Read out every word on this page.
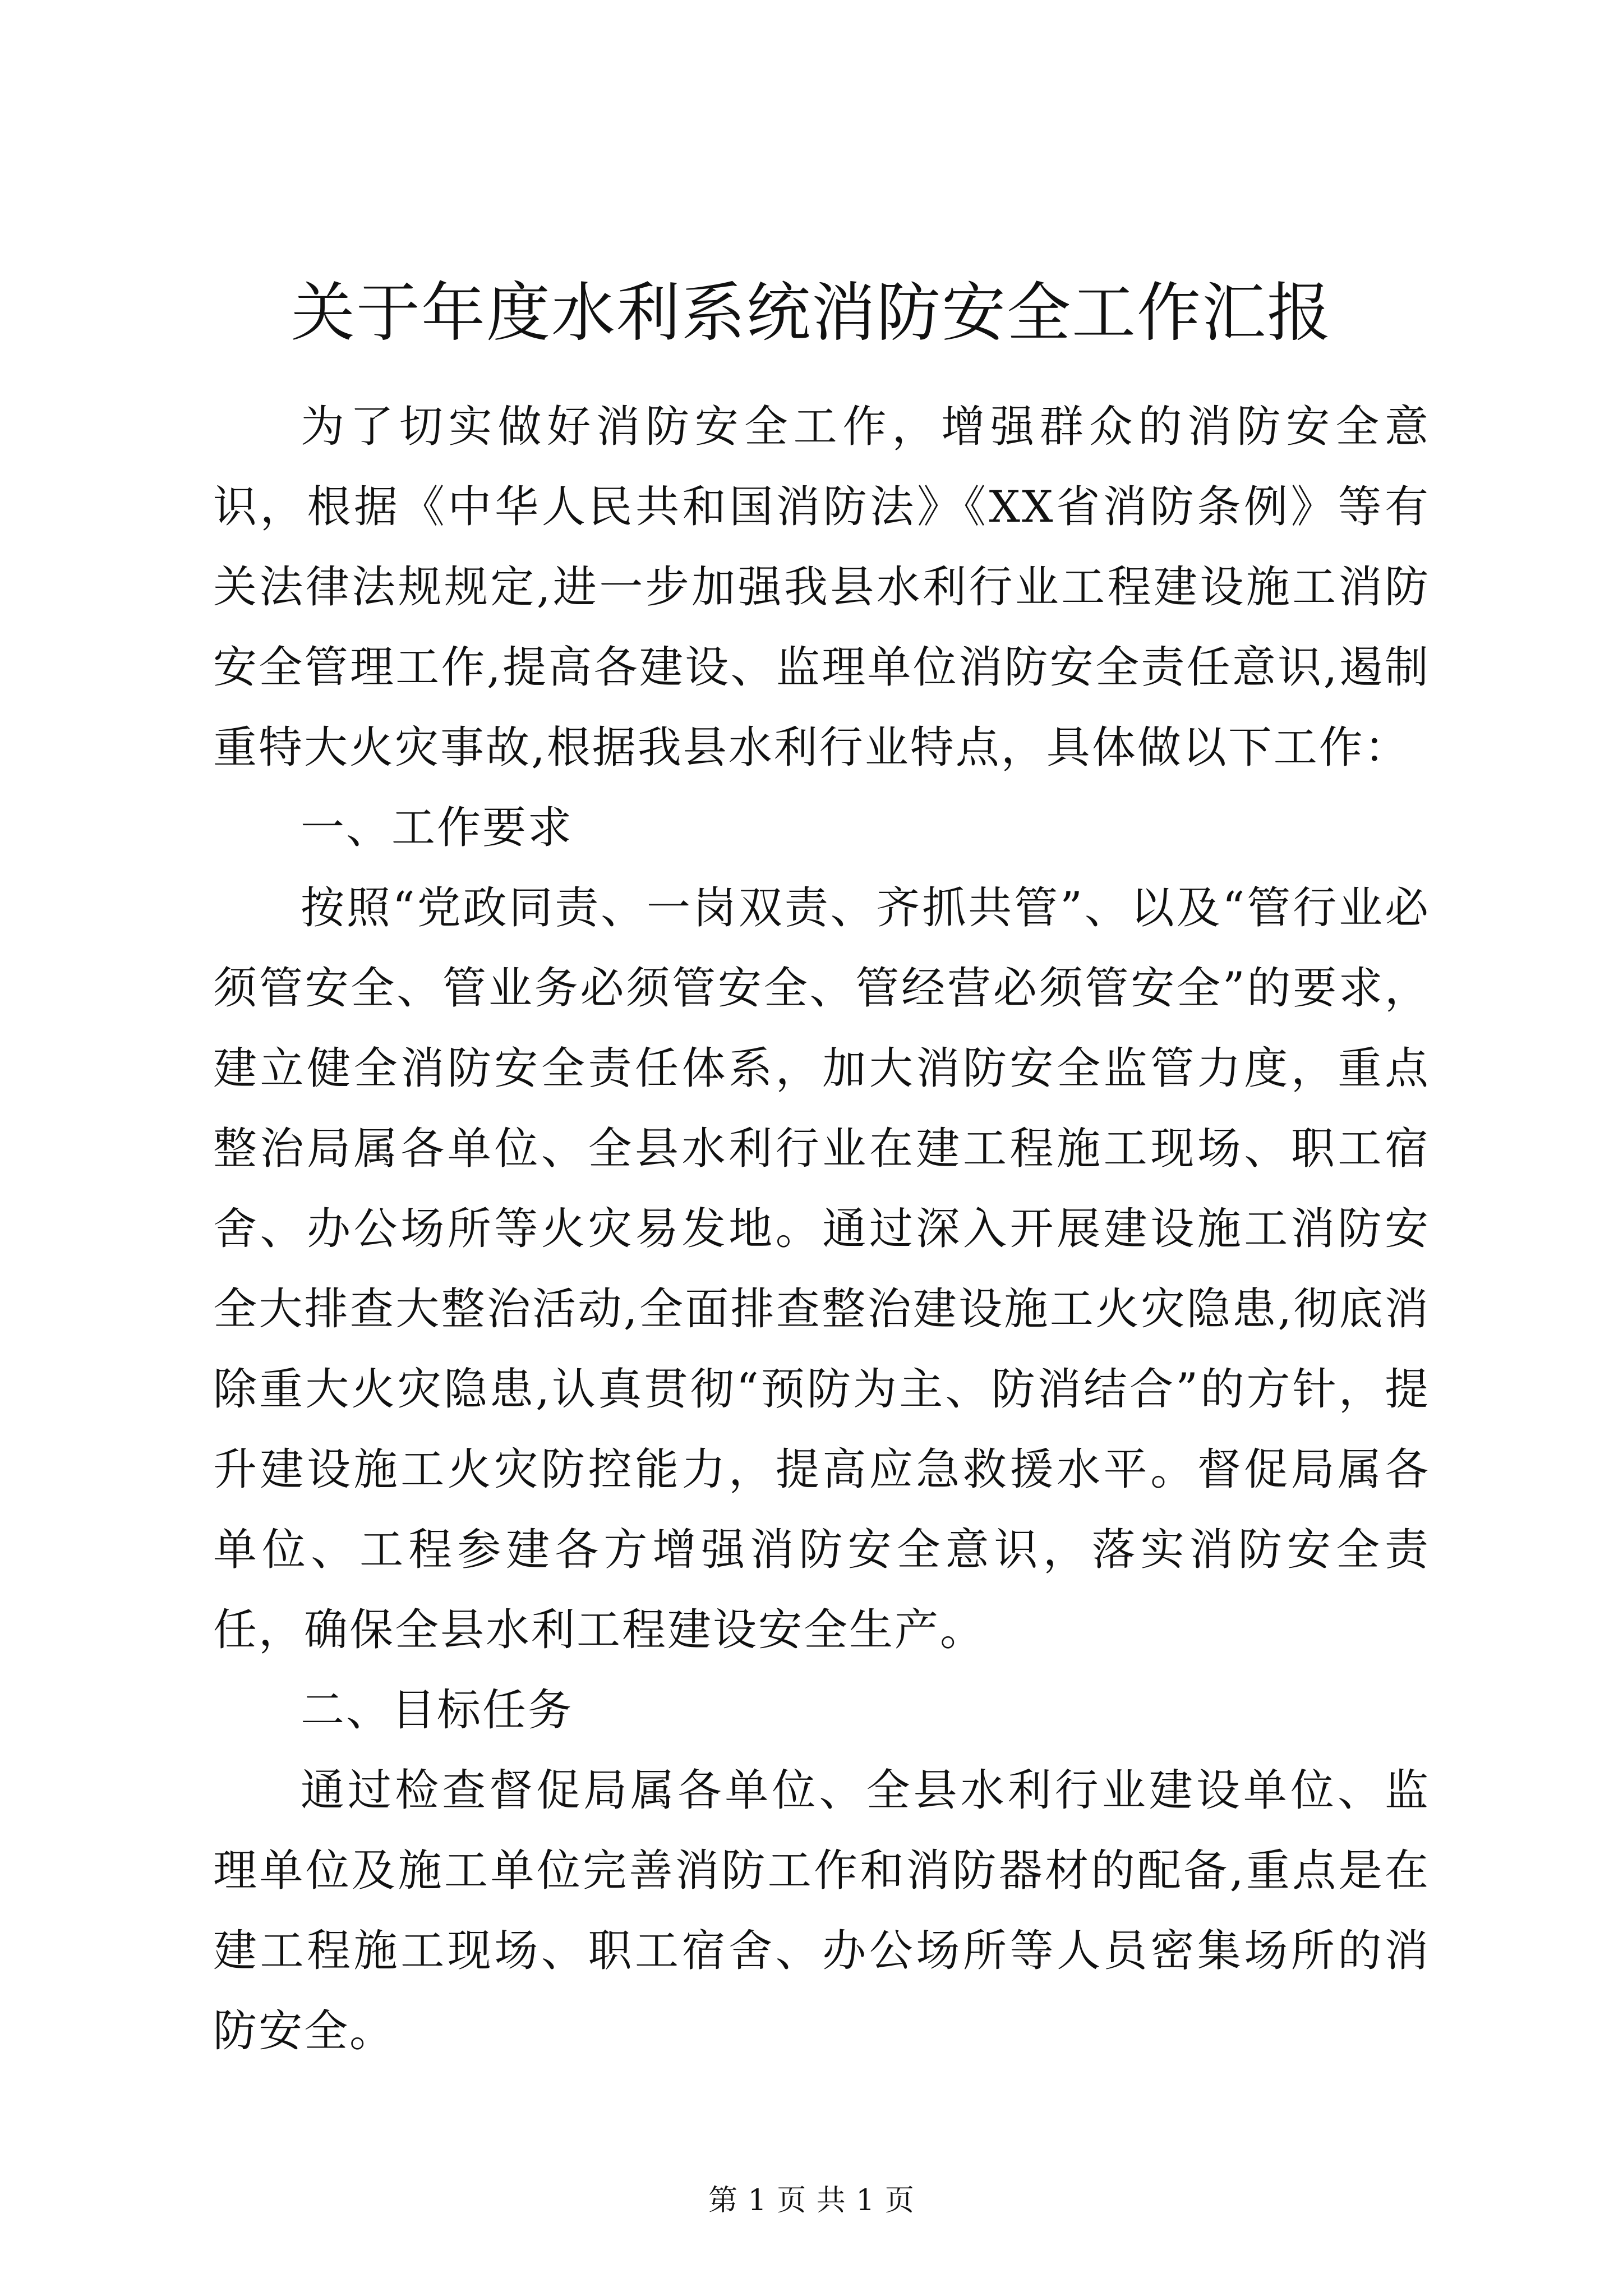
关于年度水利系统消防安全工作汇报

为了切实做好消防安全工作，增强群众的消防安全意识，根据《中华人民共和国消防法》《XX省消防条例》等有关法律法规规定,进一步加强我县水利行业工程建设施工消防安全管理工作,提高各建设、监理单位消防安全责任意识,遏制重特大火灾事故,根据我县水利行业特点，具体做以下工作：

一、工作要求

按照“党政同责、一岗双责、齐抓共管”、以及“管行业必须管安全、管业务必须管安全、管经营必须管安全”的要求，建立健全消防安全责任体系，加大消防安全监管力度，重点整治局属各单位、全县水利行业在建工程施工现场、职工宿舍、办公场所等火灾易发地。通过深入开展建设施工消防安全大排查大整治活动,全面排查整治建设施工火灾隐患,彻底消除重大火灾隐患,认真贯彻“预防为主、防消结合”的方针，提升建设施工火灾防控能力，提高应急救援水平。督促局属各单位、工程参建各方增强消防安全意识，落实消防安全责任，确保全县水利工程建设安全生产。

二、目标任务

通过检查督促局属各单位、全县水利行业建设单位、监理单位及施工单位完善消防工作和消防器材的配备,重点是在建工程施工现场、职工宿舍、办公场所等人员密集场所的消防安全。

第 1 页 共 1 页
